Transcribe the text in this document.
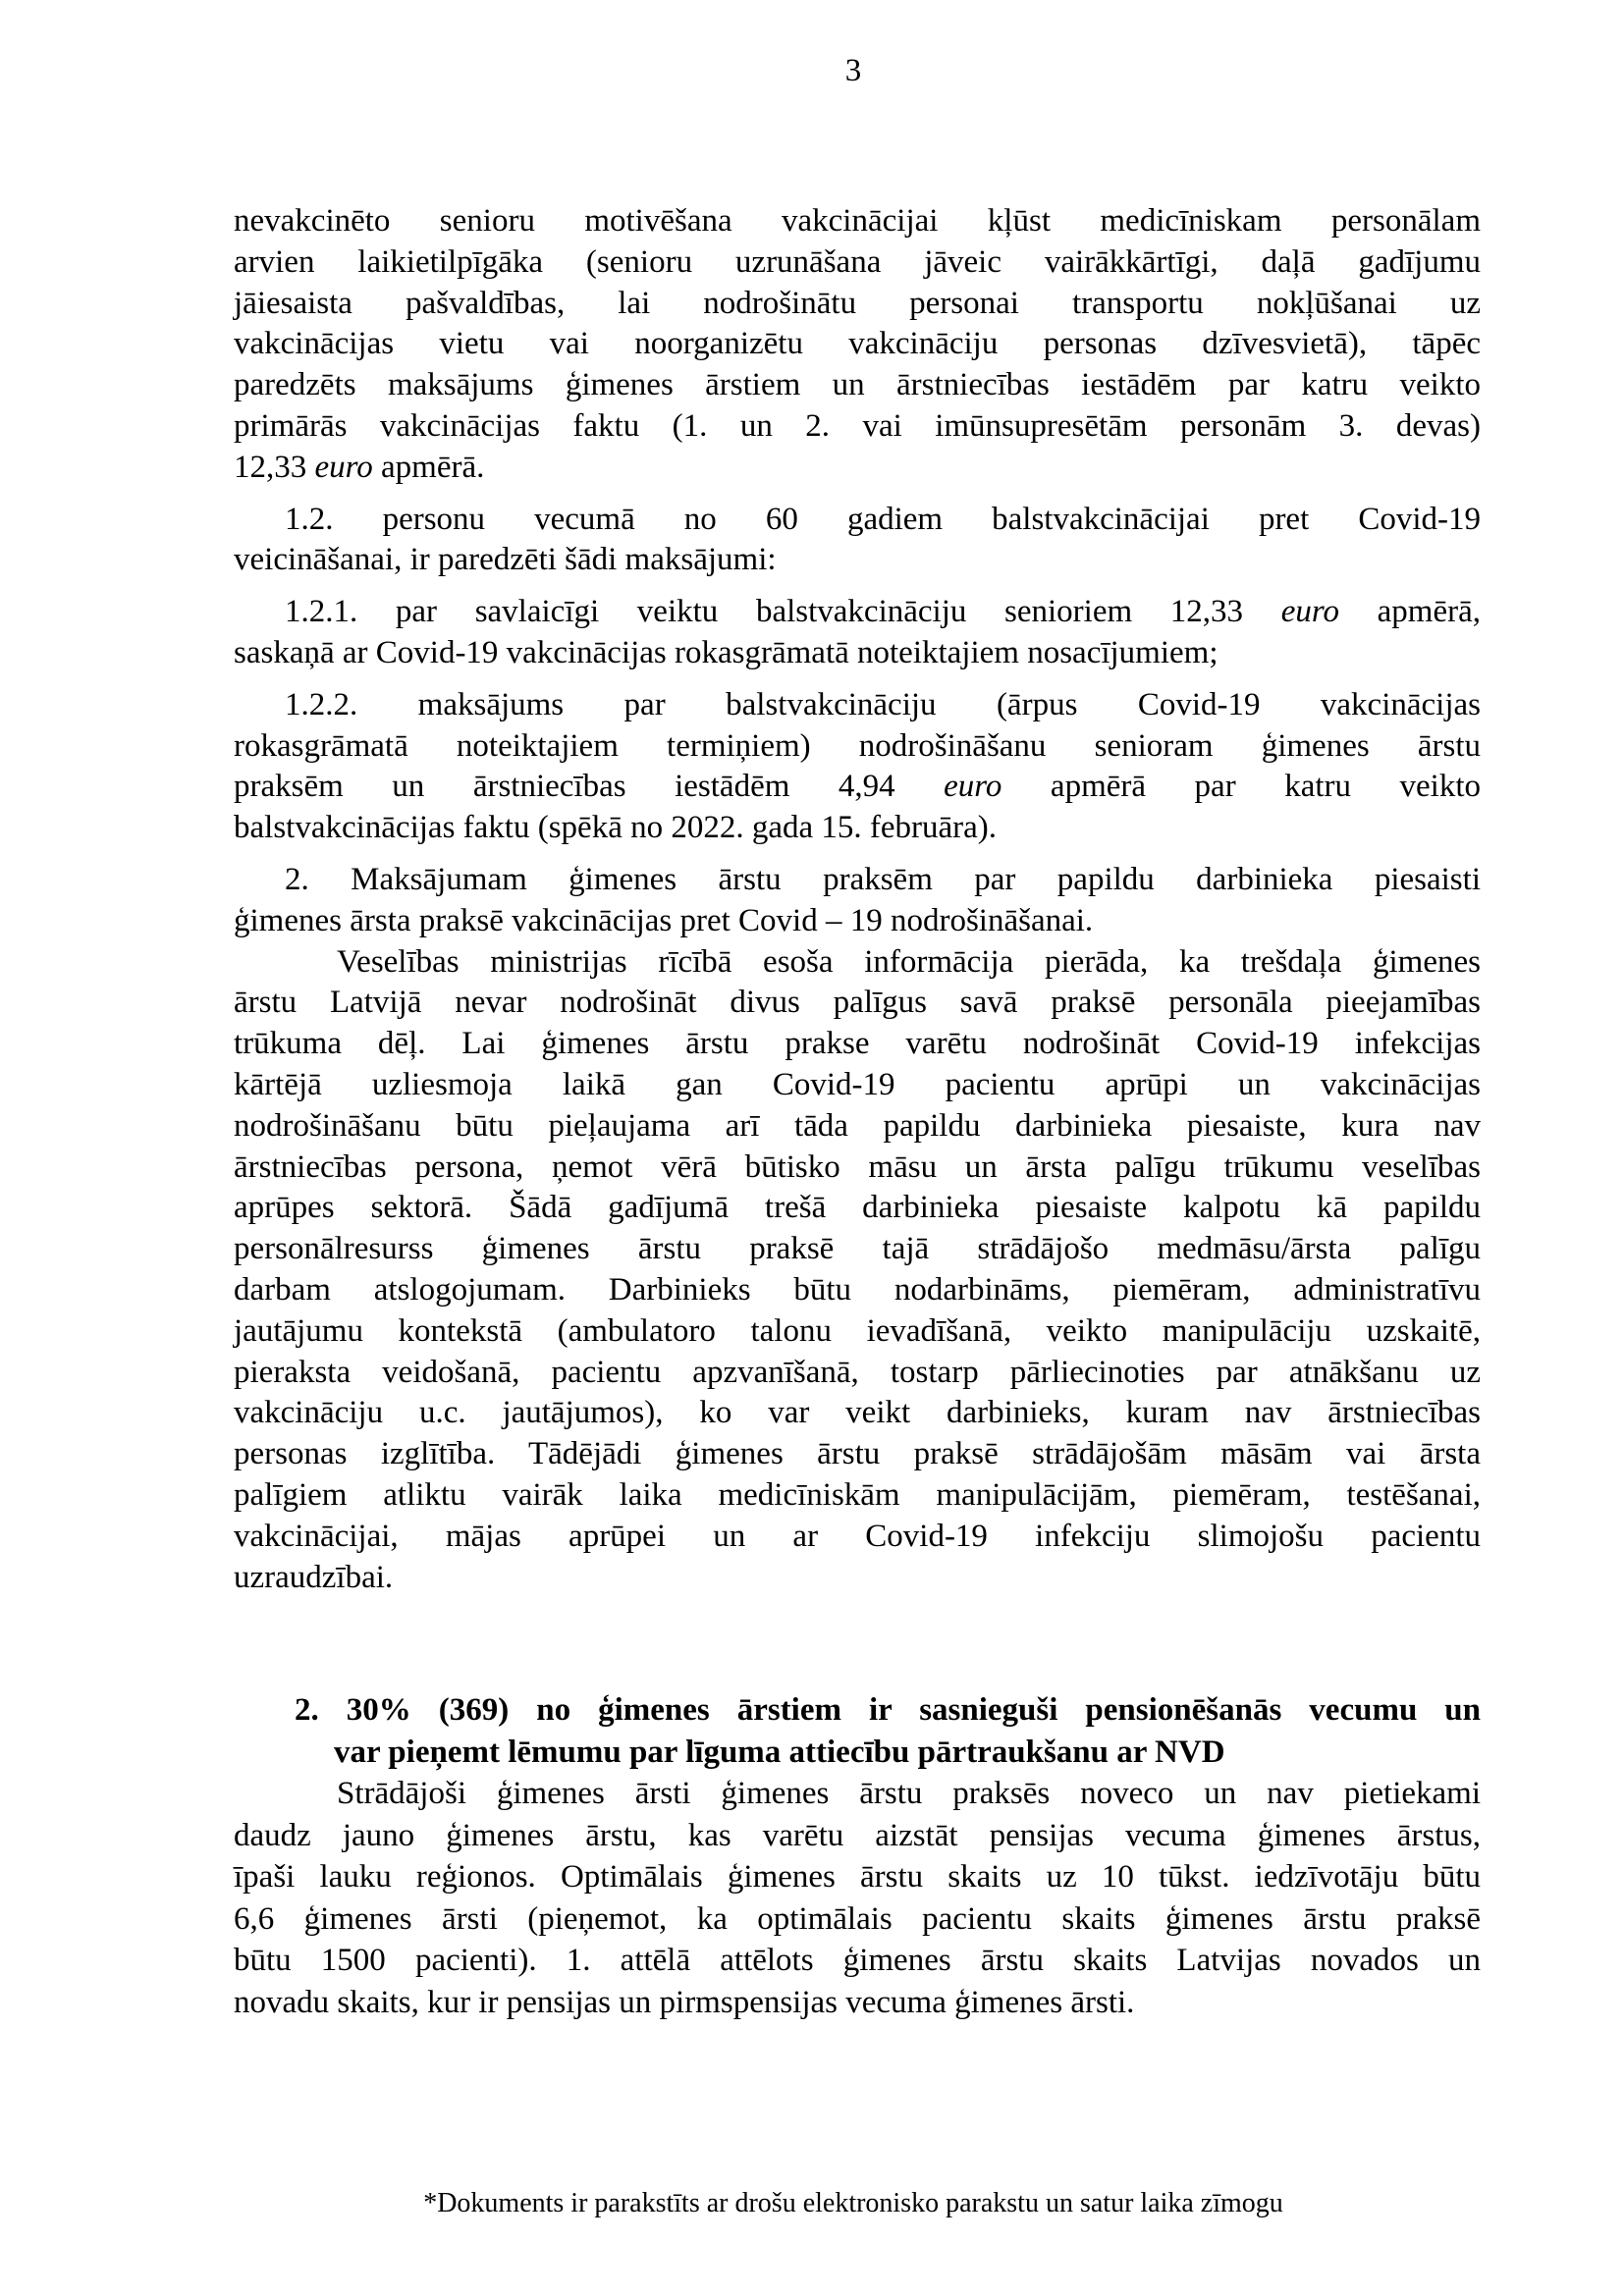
3
nevakcinēto senioru motivēšana vakcinācijai kļūst medicīniskam personālam
arvien laikietilpīgāka (senioru uzrunāšana jāveic vairākkārtīgi, daļā gadījumu
jāiesaista pašvaldības, lai nodrošinātu personai transportu nokļūšanai uz
vakcinācijas vietu vai noorganizētu vakcināciju personas dzīvesvietā), tāpēc
paredzēts maksājums ģimenes ārstiem un ārstniecības iestādēm par katru veikto
primārās vakcinācijas faktu (1. un 2. vai imūnsupresētām personām 3. devas)
12,33 euro apmērā.
1.2. personu vecumā no 60 gadiem balstvakcinācijai pret Covid-19
veicināšanai, ir paredzēti šādi maksājumi:
1.2.1. par savlaicīgi veiktu balstvakcināciju senioriem 12,33 euro apmērā,
saskaņā ar Covid-19 vakcinācijas rokasgrāmatā noteiktajiem nosacījumiem;
1.2.2. maksājums par balstvakcināciju (ārpus Covid-19 vakcinācijas
rokasgrāmatā noteiktajiem termiņiem) nodrošināšanu senioram ģimenes ārstu
praksēm un ārstniecības iestādēm 4,94 euro apmērā par katru veikto
balstvakcinācijas faktu (spēkā no 2022. gada 15. februāra).
2. Maksājumam ģimenes ārstu praksēm par papildu darbinieka piesaisti
ģimenes ārsta praksē vakcinācijas pret Covid – 19 nodrošināšanai.
Veselības ministrijas rīcībā esoša informācija pierāda, ka trešdaļa ģimenes
ārstu Latvijā nevar nodrošināt divus palīgus savā praksē personāla pieejamības
trūkuma dēļ. Lai ģimenes ārstu prakse varētu nodrošināt Covid-19 infekcijas
kārtējā uzliesmoja laikā gan Covid-19 pacientu aprūpi un vakcinācijas
nodrošināšanu būtu pieļaujama arī tāda papildu darbinieka piesaiste, kura nav
ārstniecības persona, ņemot vērā būtisko māsu un ārsta palīgu trūkumu veselības
aprūpes sektorā. Šādā gadījumā trešā darbinieka piesaiste kalpotu kā papildu
personālresurss ģimenes ārstu praksē tajā strādājošo medmāsu/ārsta palīgu
darbam atslogojumam. Darbinieks būtu nodarbināms, piemēram, administratīvu
jautājumu kontekstā (ambulatoro talonu ievadīšanā, veikto manipulāciju uzskaitē,
pieraksta veidošanā, pacientu apzvanīšanā, tostarp pārliecinoties par atnākšanu uz
vakcināciju u.c. jautājumos), ko var veikt darbinieks, kuram nav ārstniecības
personas izglītība. Tādējādi ģimenes ārstu praksē strādājošām māsām vai ārsta
palīgiem atliktu vairāk laika medicīniskām manipulācijām, piemēram, testēšanai,
vakcinācijai, mājas aprūpei un ar Covid-19 infekciju slimojošu pacientu
uzraudzībai.
2. 30% (369) no ģimenes ārstiem ir sasnieguši pensionēšanās vecumu un
var pieņemt lēmumu par līguma attiecību pārtraukšanu ar NVD
Strādājoši ģimenes ārsti ģimenes ārstu praksēs noveco un nav pietiekami
daudz jauno ģimenes ārstu, kas varētu aizstāt pensijas vecuma ģimenes ārstus,
īpaši lauku reģionos. Optimālais ģimenes ārstu skaits uz 10 tūkst. iedzīvotāju būtu
6,6 ģimenes ārsti (pieņemot, ka optimālais pacientu skaits ģimenes ārstu praksē
būtu 1500 pacienti). 1. attēlā attēlots ģimenes ārstu skaits Latvijas novados un
novadu skaits, kur ir pensijas un pirmspensijas vecuma ģimenes ārsti.
*Dokuments ir parakstīts ar drošu elektronisko parakstu un satur laika zīmogu
